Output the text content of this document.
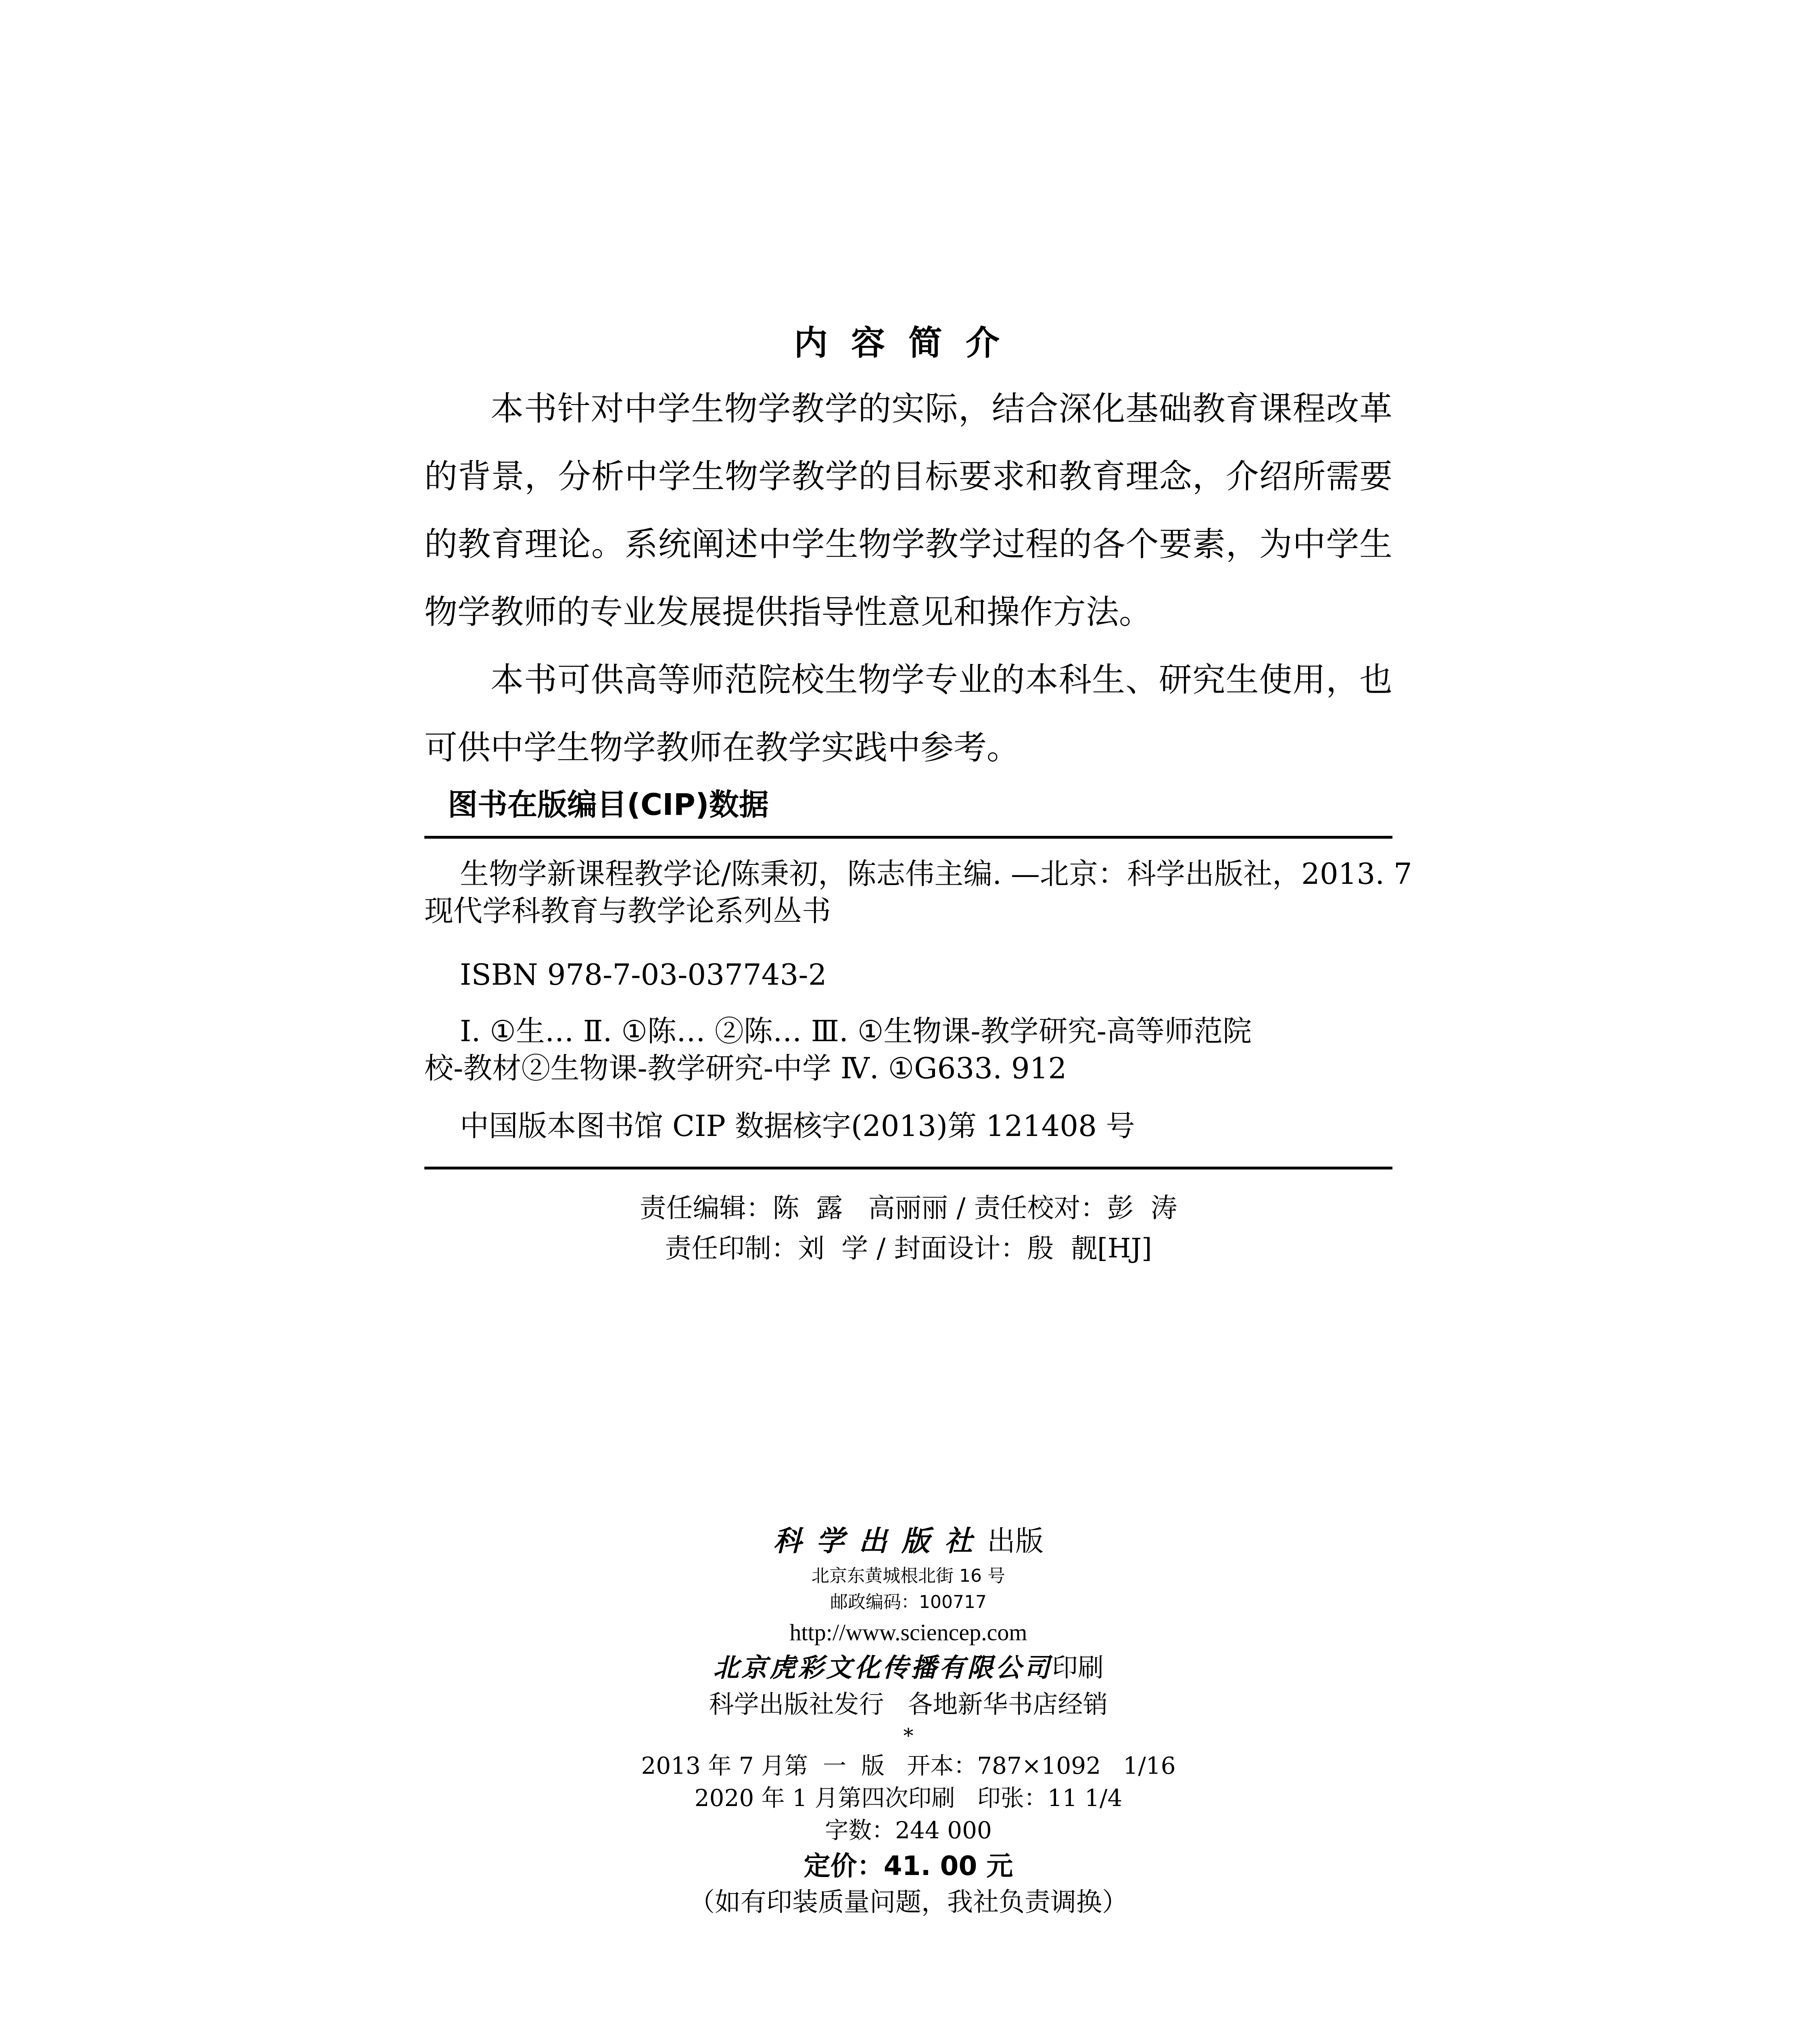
内容简介

本书针对中学生物学教学的实际，结合深化基础教育课程改革的背景，分析中学生物学教学的目标要求和教育理念，介绍所需要的教育理论。系统阐述中学生物学教学过程的各个要素，为中学生物学教师的专业发展提供指导性意见和操作方法。

本书可供高等师范院校生物学专业的本科生、研究生使用，也可供中学生物学教师在教学实践中参考。

图书在版编目(CIP)数据
生物学新课程教学论/陈秉初，陈志伟主编. —北京：科学出版社，2013. 7
现代学科教育与教学论系列丛书
ISBN 978-7-03-037743-2
Ⅰ. ①生… Ⅱ. ①陈… ②陈… Ⅲ. ①生物课-教学研究-高等师范院
校-教材②生物课-教学研究-中学 Ⅳ. ①G633. 912
中国版本图书馆 CIP 数据核字(2013)第 121408 号
责任编辑：陈  露   高丽丽 / 责任校对：彭  涛
责任印制：刘  学 / 封面设计：殷  靓[HJ]
科学出版社出版
北京东黄城根北街 16 号
邮政编码：100717
http://www.sciencep.com
北京虎彩文化传播有限公司印刷
科学出版社发行   各地新华书店经销
*
2013 年 7 月第  一  版   开本：787×1092   1/16
2020 年 1 月第四次印刷   印张：11 1/4
字数：244 000
定价：41. 00 元
（如有印装质量问题，我社负责调换）
